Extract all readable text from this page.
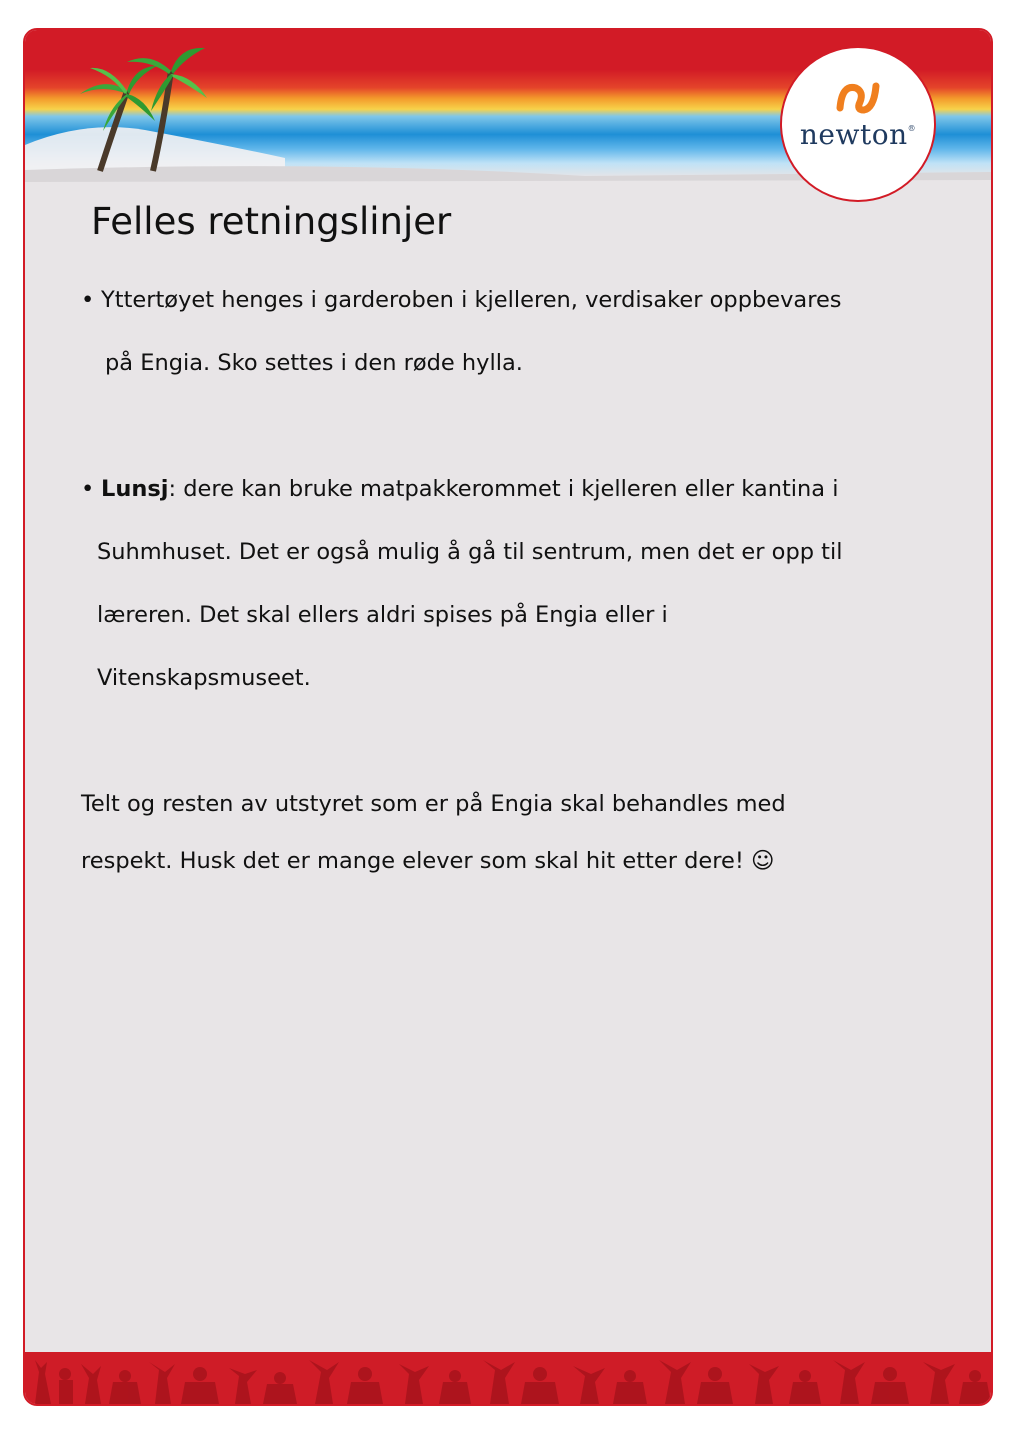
newton®
Felles retningslinjer
• Yttertøyet henges i garderoben i kjelleren, verdisaker oppbevares
på Engia. Sko settes i den røde hylla.
• Lunsj: dere kan bruke matpakkerommet i kjelleren eller kantina i
Suhmhuset. Det er også mulig å gå til sentrum, men det er opp til
læreren. Det skal ellers aldri spises på Engia eller i
Vitenskapsmuseet.
Telt og resten av utstyret som er på Engia skal behandles med
respekt. Husk det er mange elever som skal hit etter dere! ☺
